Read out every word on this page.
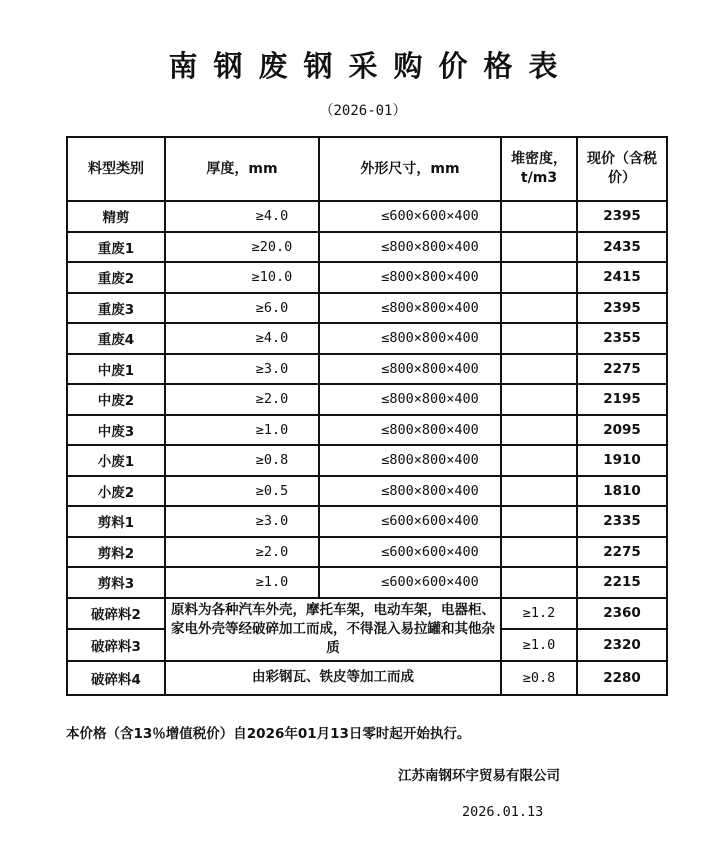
南钢废钢采购价格表
（2026-01）
料型类别	厚度，mm	外形尺寸，mm	堆密度，t/m3	现价（含税价）
精剪	≥4.0	≤600×600×400		2395
重废1	≥20.0	≤800×800×400		2435
重废2	≥10.0	≤800×800×400		2415
重废3	≥6.0	≤800×800×400		2395
重废4	≥4.0	≤800×800×400		2355
中废1	≥3.0	≤800×800×400		2275
中废2	≥2.0	≤800×800×400		2195
中废3	≥1.0	≤800×800×400		2095
小废1	≥0.8	≤800×800×400		1910
小废2	≥0.5	≤800×800×400		1810
剪料1	≥3.0	≤600×600×400		2335
剪料2	≥2.0	≤600×600×400		2275
剪料3	≥1.0	≤600×600×400		2215
破碎料2	原料为各种汽车外壳，摩托车架，电动车架，电器柜、家电外壳等经破碎加工而成，不得混入易拉罐和其他杂质		≥1.2	2360
破碎料3			≥1.0	2320
破碎料4	由彩钢瓦、铁皮等加工而成		≥0.8	2280
本价格（含13％增值税价）自2026年01月13日零时起开始执行。
江苏南钢环宇贸易有限公司
2026.01.13
